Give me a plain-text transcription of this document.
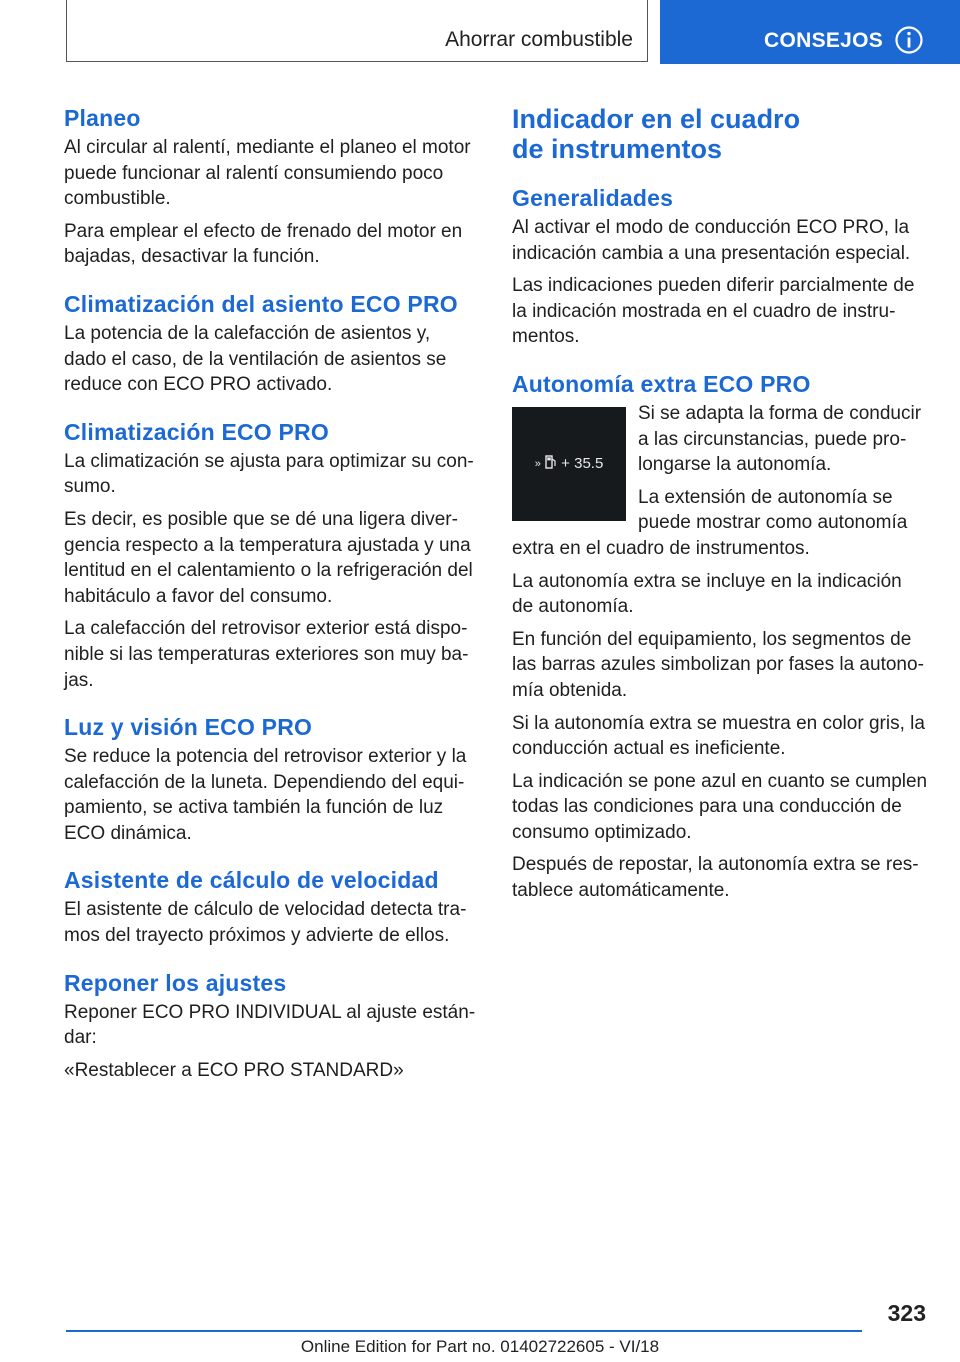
Ahorrar combustible	CONSEJOS
Planeo

Al circular al ralentí, mediante el planeo el motor puede funcionar al ralentí consumiendo poco combustible.

Para emplear el efecto de frenado del motor en bajadas, desactivar la función.

Climatización del asiento ECO PRO

La potencia de la calefacción de asientos y, dado el caso, de la ventilación de asientos se reduce con ECO PRO activado.

Climatización ECO PRO

La climatización se ajusta para optimizar su consumo.

Es decir, es posible que se dé una ligera divergencia respecto a la temperatura ajustada y una lentitud en el calentamiento o la refrigeración del habitáculo a favor del consumo.

La calefacción del retrovisor exterior está disponible si las temperaturas exteriores son muy bajas.

Luz y visión ECO PRO

Se reduce la potencia del retrovisor exterior y la calefacción de la luneta. Dependiendo del equipamiento, se activa también la función de luz ECO dinámica.

Asistente de cálculo de velocidad

El asistente de cálculo de velocidad detecta tramos del trayecto próximos y advierte de ellos.

Reponer los ajustes

Reponer ECO PRO INDIVIDUAL al ajuste estándar:

«Restablecer a ECO PRO STANDARD»

Indicador en el cuadro
de instrumentos
Generalidades

Al activar el modo de conducción ECO PRO, la indicación cambia a una presentación especial.

Las indicaciones pueden diferir parcialmente de la indicación mostrada en el cuadro de instrumentos.

Autonomía extra ECO PRO
» + 35.5

Si se adapta la forma de conducir a las circunstancias, puede prolongarse la autonomía.

La extensión de autonomía se puede mostrar como autonomía extra en el cuadro de instrumentos.

La autonomía extra se incluye en la indicación de autonomía.

En función del equipamiento, los segmentos de las barras azules simbolizan por fases la autonomía obtenida.

Si la autonomía extra se muestra en color gris, la conducción actual es ineficiente.

La indicación se pone azul en cuanto se cumplen todas las condiciones para una conducción de consumo optimizado.

Después de repostar, la autonomía extra se restablece automáticamente.

323
Online Edition for Part no. 01402722605 - VI/18
